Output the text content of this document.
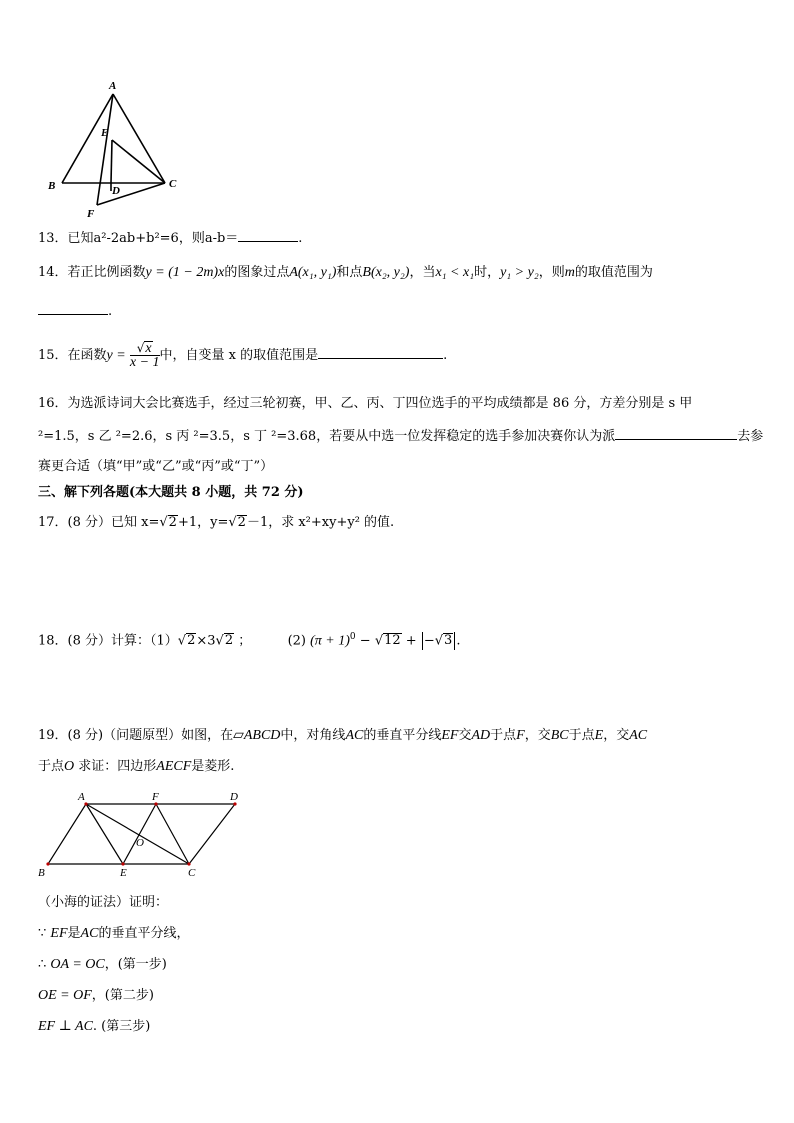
A
E
B	D
C
F
13．已知a²-2ab+b²=6，则a-b＝	.
14．若正比例函数y = (1 − 2m)x的图象过点A(x₁, y₁)和点B(x₂, y₂)，当x₁ < x₁时，y₁ > y₂，则m的取值范围为
.
15．在函数$y = \frac{√x}{x - 1}$ 中，自变量 x 的取值范围是	.
16．为选派诗词大会比赛选手，经过三轮初赛，甲、乙、丙、丁四位选手的平均成绩都是 86 分，方差分别是 s 甲
²=1.5，s 乙 ²=2.6，s 丙 ²=3.5，s 丁 ²=3.68，若要从中选一位发挥稳定的选手参加决赛你认为派	去参
赛更合适（填“甲”或“乙”或“丙”或“丁”）
三、解下列各题(本大题共 8 小题，共 72 分)
17．(8 分）已知 x=√2+1，y=√2－1，求 x²+xy+y² 的值.
18．(8 分）计算：（1）√2×3√2 ；	(2) $(\pi + 1)^0 - √12 + -√3$ .
19．(8 分)（问题原型）如图，在▱ABCD中，对角线AC的垂直平分线EF交AD于点F，交BC于点E，交AC
于点O 求证：四边形AECF是菱形.
A	F	D
O
B	E	C
（小海的证法）证明：
∵ EF是AC的垂直平分线，
∴ OA = OC，(第一步)
OE = OF，(第二步)
EF ⊥ AC. (第三步)
